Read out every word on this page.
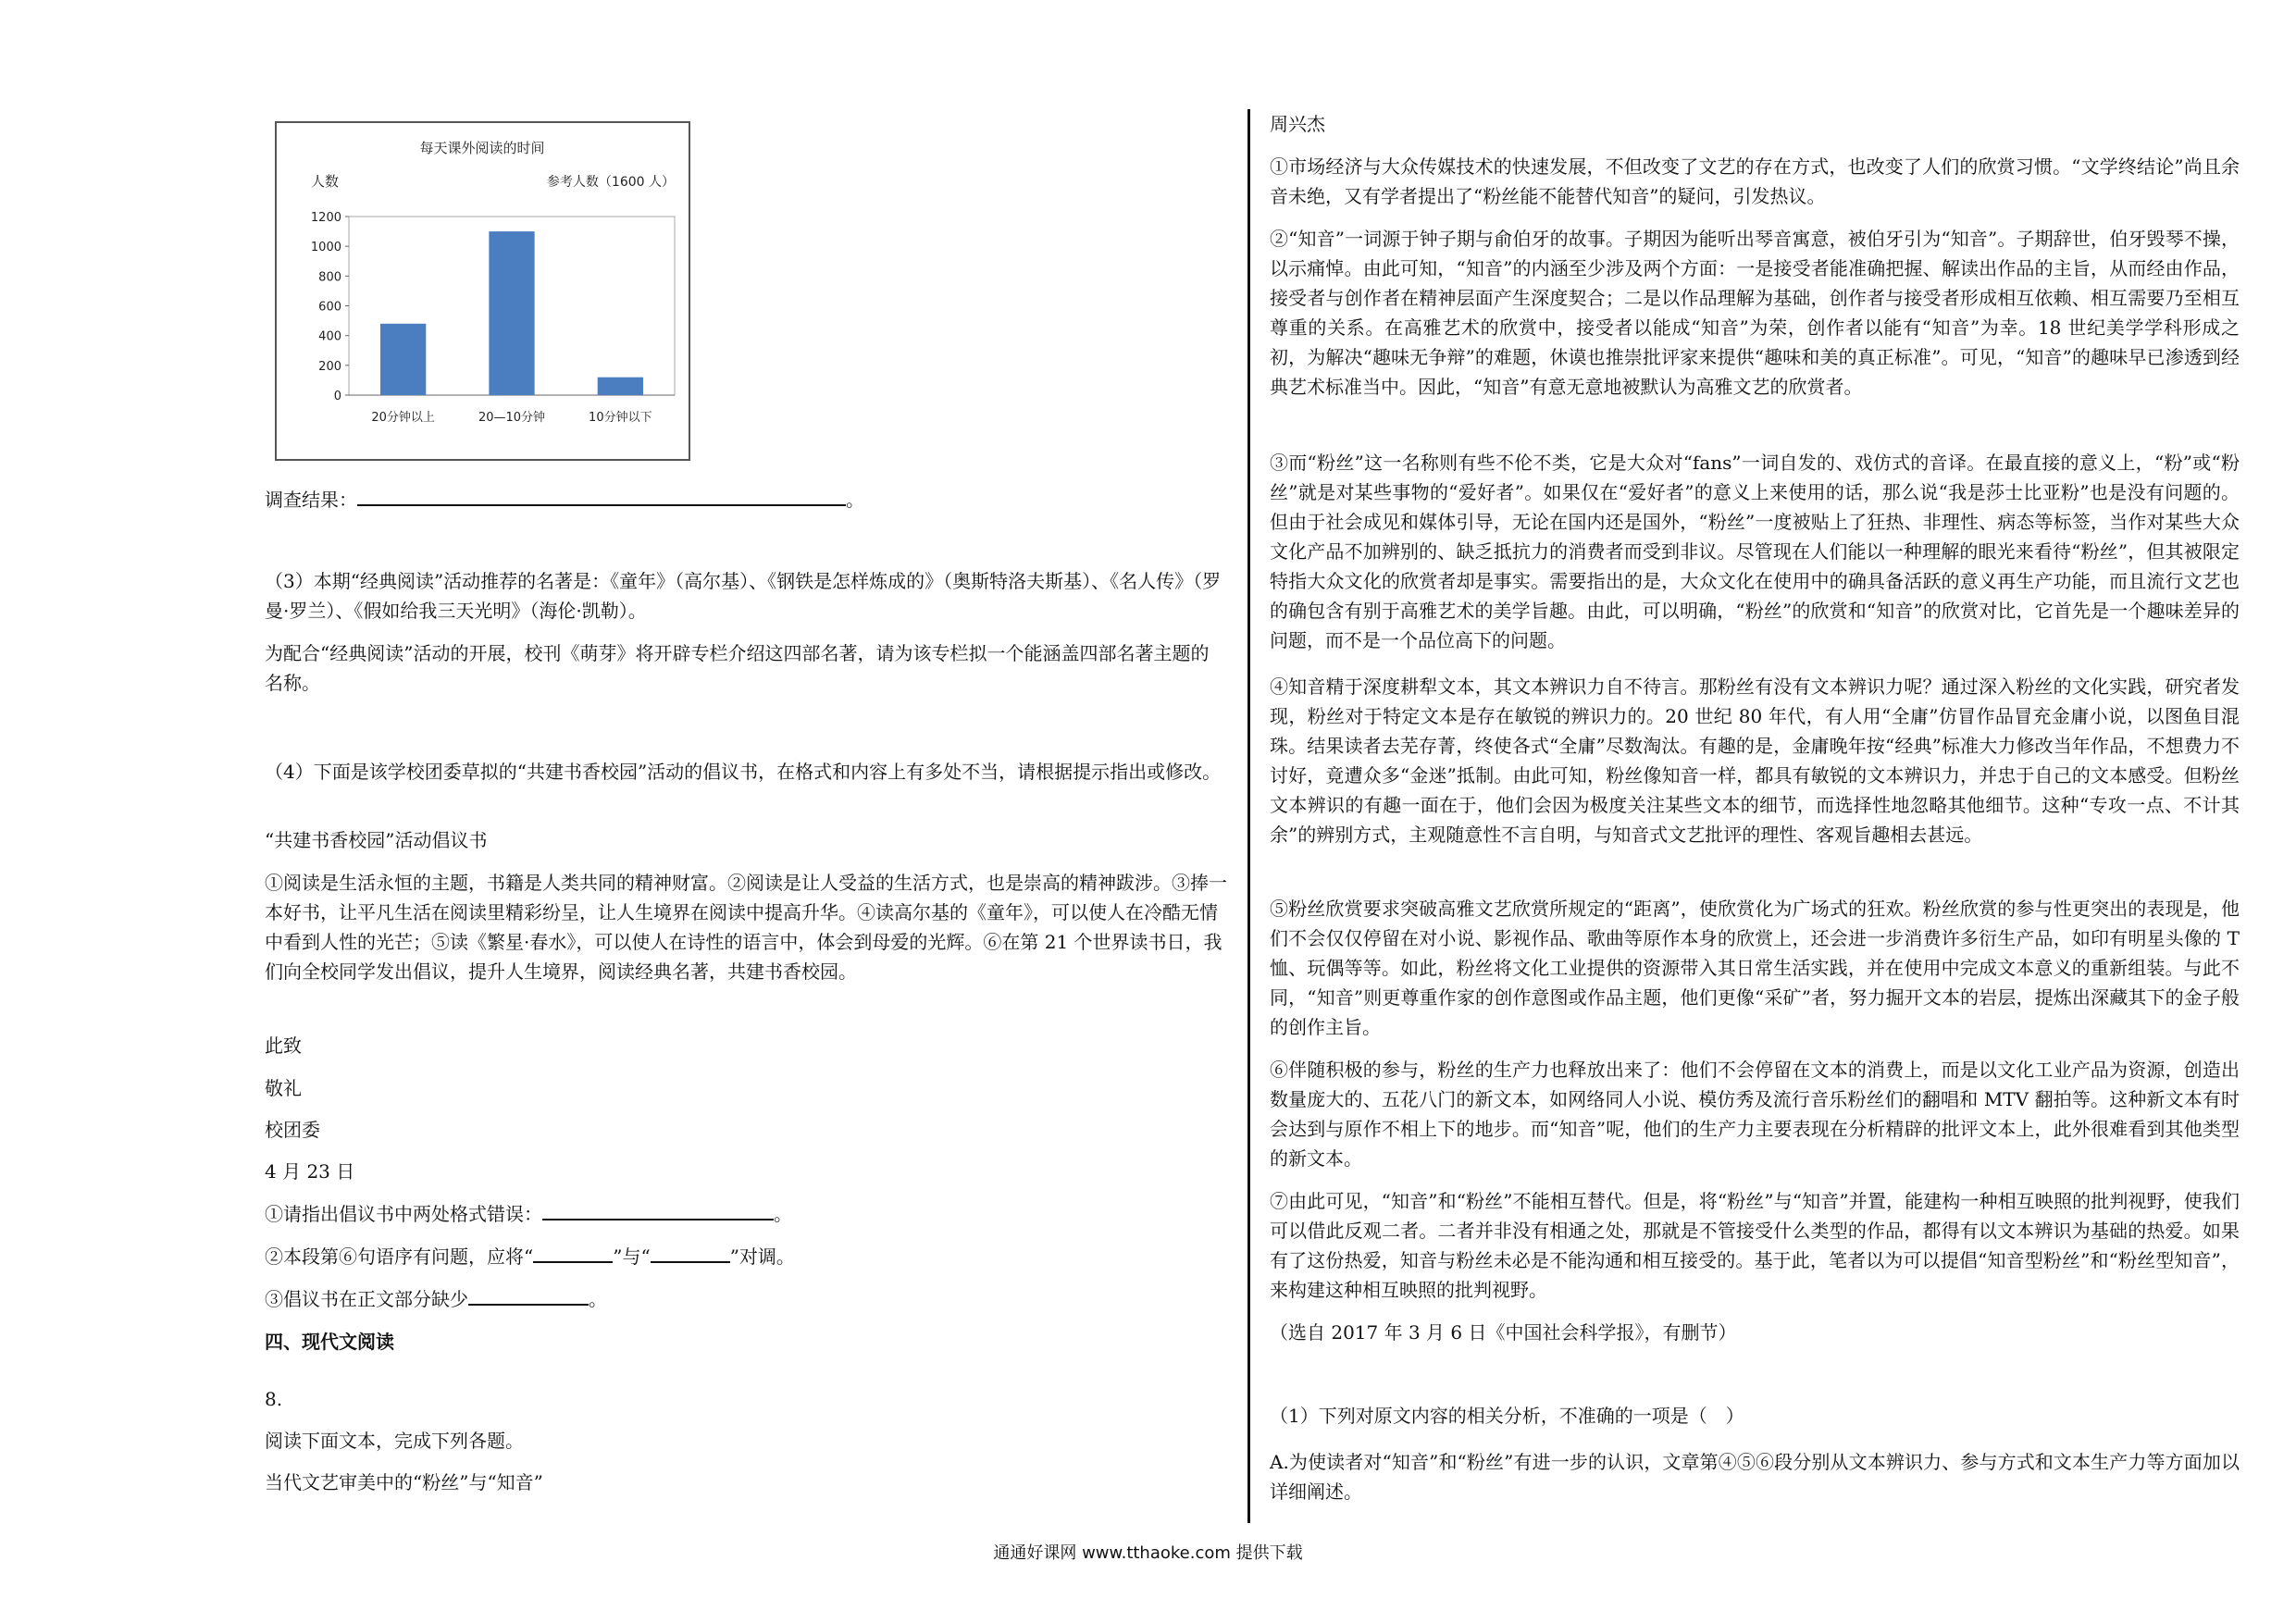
每天课外阅读的时间
人数	参考人数（1600 人）
0
200
400
600
800
1000
1200
20分钟以上	20—10分钟	10分钟以下

调查结果：	。

（3）本期“经典阅读”活动推荐的名著是：《童年》（高尔基）、《钢铁是怎样炼成的》（奥斯特洛夫斯基）、《名人传》（罗曼·罗兰）、《假如给我三天光明》（海伦·凯勒）。

为配合“经典阅读”活动的开展，校刊《萌芽》将开辟专栏介绍这四部名著，请为该专栏拟一个能涵盖四部名著主题的名称。

（4）下面是该学校团委草拟的“共建书香校园”活动的倡议书，在格式和内容上有多处不当，请根据提示指出或修改。

“共建书香校园”活动倡议书

①阅读是生活永恒的主题，书籍是人类共同的精神财富。②阅读是让人受益的生活方式，也是崇高的精神跋涉。③捧一本好书，让平凡生活在阅读里精彩纷呈，让人生境界在阅读中提高升华。④读高尔基的《童年》，可以使人在冷酷无情中看到人性的光芒；⑤读《繁星·春水》，可以使人在诗性的语言中，体会到母爱的光辉。⑥在第 21 个世界读书日，我们向全校同学发出倡议，提升人生境界，阅读经典名著，共建书香校园。

此致

敬礼

校团委

4 月 23 日

①请指出倡议书中两处格式错误：	。

②本段第⑥句语序有问题，应将“	”与“	”对调。

③倡议书在正文部分缺少	。

四、现代文阅读

8.

阅读下面文本，完成下列各题。

当代文艺审美中的“粉丝”与“知音”

周兴杰

①市场经济与大众传媒技术的快速发展，不但改变了文艺的存在方式，也改变了人们的欣赏习惯。“文学终结论”尚且余音未绝，又有学者提出了“粉丝能不能替代知音”的疑问，引发热议。

②“知音”一词源于钟子期与俞伯牙的故事。子期因为能听出琴音寓意，被伯牙引为“知音”。子期辞世，伯牙毁琴不操，以示痛悼。由此可知，“知音”的内涵至少涉及两个方面：一是接受者能准确把握、解读出作品的主旨，从而经由作品，接受者与创作者在精神层面产生深度契合；二是以作品理解为基础，创作者与接受者形成相互依赖、相互需要乃至相互尊重的关系。在高雅艺术的欣赏中，接受者以能成“知音”为荣，创作者以能有“知音”为幸。18 世纪美学学科形成之初，为解决“趣味无争辩”的难题，休谟也推崇批评家来提供“趣味和美的真正标准”。可见，“知音”的趣味早已渗透到经典艺术标准当中。因此，“知音”有意无意地被默认为高雅文艺的欣赏者。

③而“粉丝”这一名称则有些不伦不类，它是大众对“fans”一词自发的、戏仿式的音译。在最直接的意义上，“粉”或“粉丝”就是对某些事物的“爱好者”。如果仅在“爱好者”的意义上来使用的话，那么说“我是莎士比亚粉”也是没有问题的。但由于社会成见和媒体引导，无论在国内还是国外，“粉丝”一度被贴上了狂热、非理性、病态等标签，当作对某些大众文化产品不加辨别的、缺乏抵抗力的消费者而受到非议。尽管现在人们能以一种理解的眼光来看待“粉丝”，但其被限定特指大众文化的欣赏者却是事实。需要指出的是，大众文化在使用中的确具备活跃的意义再生产功能，而且流行文艺也的确包含有别于高雅艺术的美学旨趣。由此，可以明确，“粉丝”的欣赏和“知音”的欣赏对比，它首先是一个趣味差异的问题，而不是一个品位高下的问题。

④知音精于深度耕犁文本，其文本辨识力自不待言。那粉丝有没有文本辨识力呢？通过深入粉丝的文化实践，研究者发现，粉丝对于特定文本是存在敏锐的辨识力的。20 世纪 80 年代，有人用“全庸”仿冒作品冒充金庸小说，以图鱼目混珠。结果读者去芜存菁，终使各式“全庸”尽数淘汰。有趣的是，金庸晚年按“经典”标准大力修改当年作品，不想费力不讨好，竟遭众多“金迷”抵制。由此可知，粉丝像知音一样，都具有敏锐的文本辨识力，并忠于自己的文本感受。但粉丝文本辨识的有趣一面在于，他们会因为极度关注某些文本的细节，而选择性地忽略其他细节。这种“专攻一点、不计其余”的辨别方式，主观随意性不言自明，与知音式文艺批评的理性、客观旨趣相去甚远。

⑤粉丝欣赏要求突破高雅文艺欣赏所规定的“距离”，使欣赏化为广场式的狂欢。粉丝欣赏的参与性更突出的表现是，他们不会仅仅停留在对小说、影视作品、歌曲等原作本身的欣赏上，还会进一步消费许多衍生产品，如印有明星头像的 T 恤、玩偶等等。如此，粉丝将文化工业提供的资源带入其日常生活实践，并在使用中完成文本意义的重新组装。与此不同，“知音”则更尊重作家的创作意图或作品主题，他们更像“采矿”者，努力掘开文本的岩层，提炼出深藏其下的金子般的创作主旨。

⑥伴随积极的参与，粉丝的生产力也释放出来了：他们不会停留在文本的消费上，而是以文化工业产品为资源，创造出数量庞大的、五花八门的新文本，如网络同人小说、模仿秀及流行音乐粉丝们的翻唱和 MTV 翻拍等。这种新文本有时会达到与原作不相上下的地步。而“知音”呢，他们的生产力主要表现在分析精辟的批评文本上，此外很难看到其他类型的新文本。

⑦由此可见，“知音”和“粉丝”不能相互替代。但是，将“粉丝”与“知音”并置，能建构一种相互映照的批判视野，使我们可以借此反观二者。二者并非没有相通之处，那就是不管接受什么类型的作品，都得有以文本辨识为基础的热爱。如果有了这份热爱，知音与粉丝未必是不能沟通和相互接受的。基于此，笔者以为可以提倡“知音型粉丝”和“粉丝型知音”，来构建这种相互映照的批判视野。

（选自 2017 年 3 月 6 日《中国社会科学报》，有删节）

（1）下列对原文内容的相关分析，不准确的一项是（　）

A.为使读者对“知音”和“粉丝”有进一步的认识，文章第④⑤⑥段分别从文本辨识力、参与方式和文本生产力等方面加以详细阐述。

通通好课网 www.tthaoke.com 提供下载
